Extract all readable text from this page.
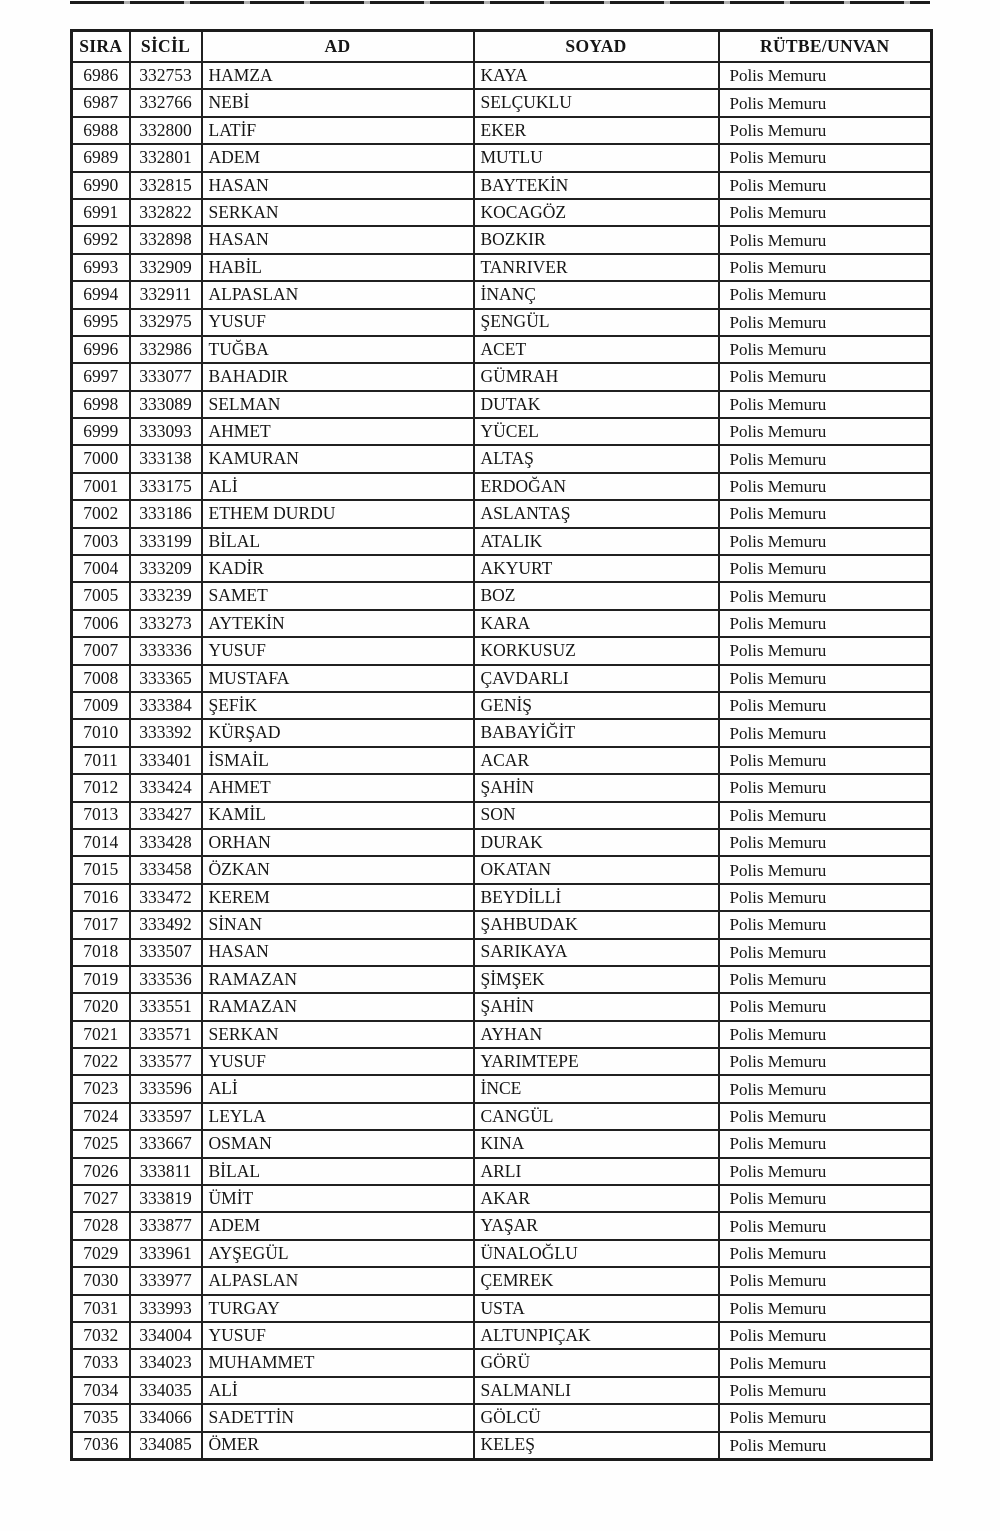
SIRA	SİCİL	AD	SOYAD	RÜTBE/UNVAN
6986	332753	HAMZA	KAYA	Polis Memuru
6987	332766	NEBİ	SELÇUKLU	Polis Memuru
6988	332800	LATİF	EKER	Polis Memuru
6989	332801	ADEM	MUTLU	Polis Memuru
6990	332815	HASAN	BAYTEKİN	Polis Memuru
6991	332822	SERKAN	KOCAGÖZ	Polis Memuru
6992	332898	HASAN	BOZKIR	Polis Memuru
6993	332909	HABİL	TANRIVER	Polis Memuru
6994	332911	ALPASLAN	İNANÇ	Polis Memuru
6995	332975	YUSUF	ŞENGÜL	Polis Memuru
6996	332986	TUĞBA	ACET	Polis Memuru
6997	333077	BAHADIR	GÜMRAH	Polis Memuru
6998	333089	SELMAN	DUTAK	Polis Memuru
6999	333093	AHMET	YÜCEL	Polis Memuru
7000	333138	KAMURAN	ALTAŞ	Polis Memuru
7001	333175	ALİ	ERDOĞAN	Polis Memuru
7002	333186	ETHEM DURDU	ASLANTAŞ	Polis Memuru
7003	333199	BİLAL	ATALIK	Polis Memuru
7004	333209	KADİR	AKYURT	Polis Memuru
7005	333239	SAMET	BOZ	Polis Memuru
7006	333273	AYTEKİN	KARA	Polis Memuru
7007	333336	YUSUF	KORKUSUZ	Polis Memuru
7008	333365	MUSTAFA	ÇAVDARLI	Polis Memuru
7009	333384	ŞEFİK	GENİŞ	Polis Memuru
7010	333392	KÜRŞAD	BABAYİĞİT	Polis Memuru
7011	333401	İSMAİL	ACAR	Polis Memuru
7012	333424	AHMET	ŞAHİN	Polis Memuru
7013	333427	KAMİL	SON	Polis Memuru
7014	333428	ORHAN	DURAK	Polis Memuru
7015	333458	ÖZKAN	OKATAN	Polis Memuru
7016	333472	KEREM	BEYDİLLİ	Polis Memuru
7017	333492	SİNAN	ŞAHBUDAK	Polis Memuru
7018	333507	HASAN	SARIKAYA	Polis Memuru
7019	333536	RAMAZAN	ŞİMŞEK	Polis Memuru
7020	333551	RAMAZAN	ŞAHİN	Polis Memuru
7021	333571	SERKAN	AYHAN	Polis Memuru
7022	333577	YUSUF	YARIMTEPE	Polis Memuru
7023	333596	ALİ	İNCE	Polis Memuru
7024	333597	LEYLA	CANGÜL	Polis Memuru
7025	333667	OSMAN	KINA	Polis Memuru
7026	333811	BİLAL	ARLI	Polis Memuru
7027	333819	ÜMİT	AKAR	Polis Memuru
7028	333877	ADEM	YAŞAR	Polis Memuru
7029	333961	AYŞEGÜL	ÜNALOĞLU	Polis Memuru
7030	333977	ALPASLAN	ÇEMREK	Polis Memuru
7031	333993	TURGAY	USTA	Polis Memuru
7032	334004	YUSUF	ALTUNPIÇAK	Polis Memuru
7033	334023	MUHAMMET	GÖRÜ	Polis Memuru
7034	334035	ALİ	SALMANLI	Polis Memuru
7035	334066	SADETTİN	GÖLCÜ	Polis Memuru
7036	334085	ÖMER	KELEŞ	Polis Memuru
